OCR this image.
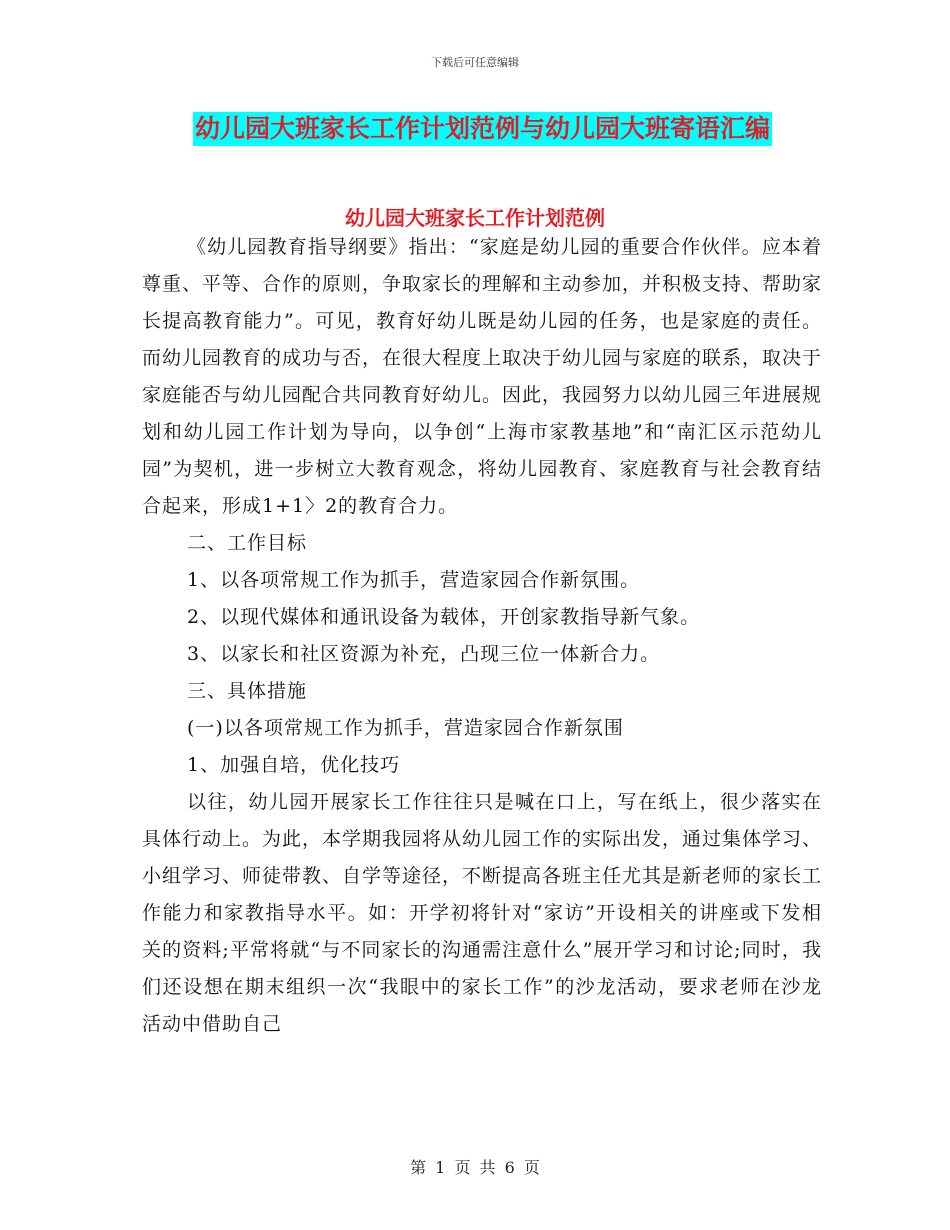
下载后可任意编辑
幼儿园大班家长工作计划范例与幼儿园大班寄语汇编
幼儿园大班家长工作计划范例

《幼儿园教育指导纲要》指出：“家庭是幼儿园的重要合作伙伴。应本着尊重、平等、合作的原则，争取家长的理解和主动参加，并积极支持、帮助家长提高教育能力”。可见，教育好幼儿既是幼儿园的任务，也是家庭的责任。而幼儿园教育的成功与否，在很大程度上取决于幼儿园与家庭的联系，取决于家庭能否与幼儿园配合共同教育好幼儿。因此，我园努力以幼儿园三年进展规划和幼儿园工作计划为导向，以争创“上海市家教基地”和“南汇区示范幼儿园”为契机，进一步树立大教育观念，将幼儿园教育、家庭教育与社会教育结合起来，形成1+1〉2的教育合力。

二、工作目标

1、以各项常规工作为抓手，营造家园合作新氛围。

2、以现代媒体和通讯设备为载体，开创家教指导新气象。

3、以家长和社区资源为补充，凸现三位一体新合力。

三、具体措施

(一)以各项常规工作为抓手，营造家园合作新氛围

1、加强自培，优化技巧

以往，幼儿园开展家长工作往往只是喊在口上，写在纸上，很少落实在具体行动上。为此，本学期我园将从幼儿园工作的实际出发，通过集体学习、小组学习、师徒带教、自学等途径，不断提高各班主任尤其是新老师的家长工作能力和家教指导水平。如：开学初将针对“家访”开设相关的讲座或下发相关的资料;平常将就“与不同家长的沟通需注意什么”展开学习和讨论;同时，我们还设想在期末组织一次“我眼中的家长工作”的沙龙活动，要求老师在沙龙活动中借助自己

第 1 页 共 6 页
